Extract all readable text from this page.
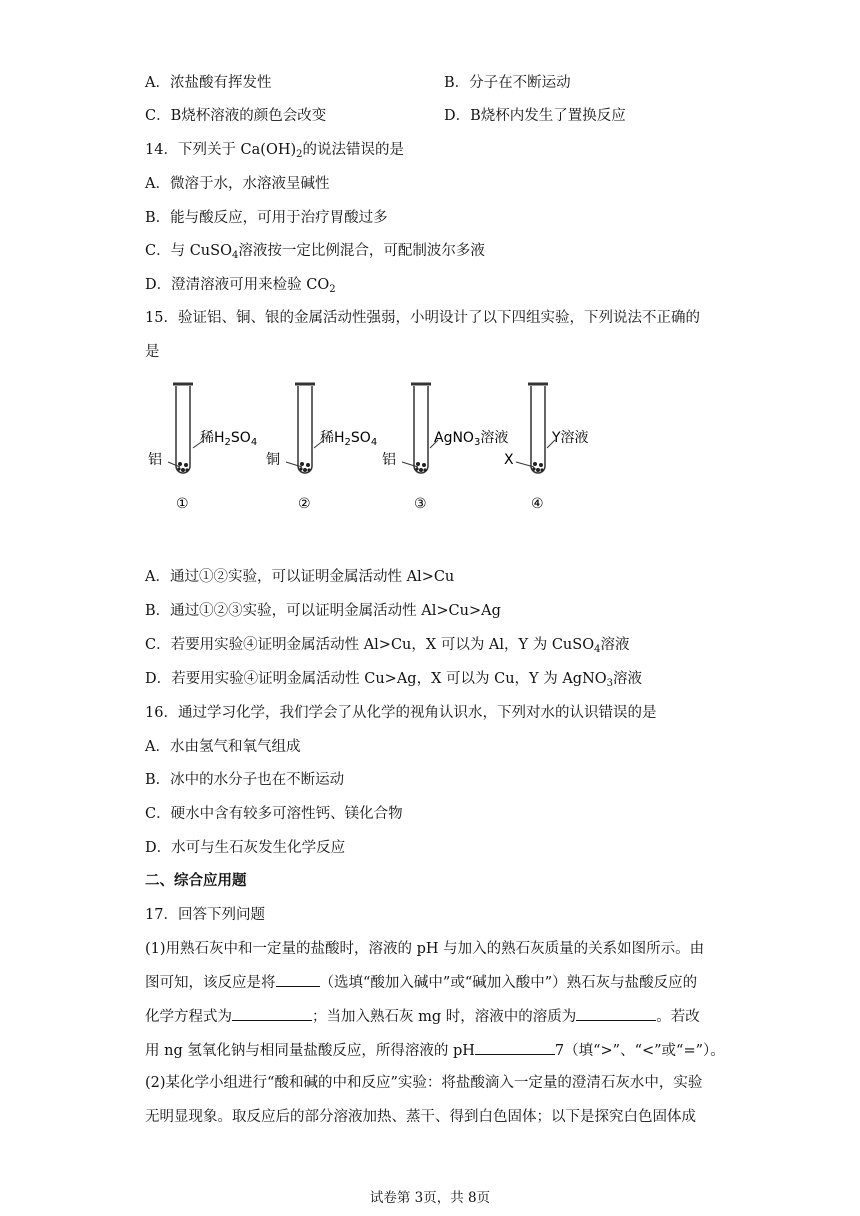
A．浓盐酸有挥发性	B．分子在不断运动
C．B烧杯溶液的颜色会改变	D．B烧杯内发生了置换反应
14．下列关于 $Ca(OH)_2$的说法错误的是
A．微溶于水，水溶液呈碱性
B．能与酸反应，可用于治疗胃酸过多
C．与 CuSO$_4$溶液按一定比例混合，可配制波尔多液
D．澄清溶液可用来检验 $CO_2$
15．验证铝、铜、银的金属活动性强弱，小明设计了以下四组实验，下列说法不正确的
是
稀$H_2SO_4$
铝
①
稀$H_2SO_4$
铜
②
AgNO$_3$溶液
铝
③
Y溶液
X
④
A．通过①②实验，可以证明金属活动性 Al>Cu
B．通过①②③实验，可以证明金属活动性 Al>Cu>Ag
C．若要用实验④证明金属活动性 Al>Cu，X 可以为 Al，Y 为 CuSO$_4$溶液
D．若要用实验④证明金属活动性 Cu>Ag，X 可以为 Cu，Y 为 AgNO$_3$溶液
16．通过学习化学，我们学会了从化学的视角认识水，下列对水的认识错误的是
A．水由氢气和氧气组成
B．冰中的水分子也在不断运动
C．硬水中含有较多可溶性钙、镁化合物
D．水可与生石灰发生化学反应
二、综合应用题
17．回答下列问题
(1)用熟石灰中和一定量的盐酸时，溶液的 pH 与加入的熟石灰质量的关系如图所示。由
图可知，该反应是将	（选填“酸加入碱中”或“碱加入酸中”）熟石灰与盐酸反应的
化学方程式为	；当加入熟石灰 mg 时，溶液中的溶质为	。若改
用 ng 氢氧化钠与相同量盐酸反应，所得溶液的 pH	7（填“>”、“<”或“=”）。
(2)某化学小组进行“酸和碱的中和反应”实验：将盐酸滴入一定量的澄清石灰水中，实验
无明显现象。取反应后的部分溶液加热、蒸干、得到白色固体；以下是探究白色固体成
试卷第 3页，共 8页
